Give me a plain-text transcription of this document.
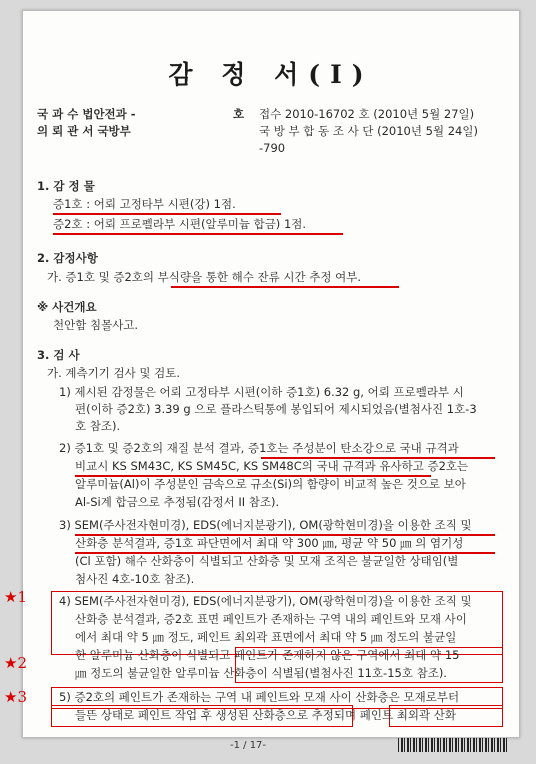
감 정 서(I)
국 과 수 법안전과 -
의 뢰 관 서 국방부
호 접수 2010-16702 호 (2010년 5월 27일)
국 방 부 합 동 조 사 단 (2010년 5월 24일)
-790
1. 감 정 물
증1호 : 어뢰 고정타부 시편(강) 1점.
증2호 : 어뢰 프로펠라부 시편(알루미늄 합금) 1점.
2. 감정사항
가. 증1호 및 증2호의 부식량을 통한 해수 잔류 시간 추정 여부.
※ 사건개요
천안함 침몰사고.
3. 검 사
가. 계측기기 검사 및 검토.
1) 제시된 감정물은 어뢰 고정타부 시편(이하 증1호) 6.32 g, 어뢰 프로펠라부 시
편(이하 증2호) 3.39 g 으로 플라스틱통에 봉입되어 제시되었음(별첨사진 1호-3
호 참조).
2) 증1호 및 증2호의 재질 분석 결과, 증1호는 주성분이 탄소강으로 국내 규격과
비교시 KS SM43C, KS SM45C, KS SM48C의 국내 규격과 유사하고 증2호는
알루미늄(Al)이 주성분인 금속으로 규소(Si)의 함량이 비교적 높은 것으로 보아
Al-Si계 합금으로 추정됨(감정서 II 참조).
3) SEM(주사전자현미경), EDS(에너지분광기), OM(광학현미경)을 이용한 조직 및
산화층 분석결과, 증1호 파단면에서 최대 약 300 ㎛, 평균 약 50 ㎛ 의 염기성
(Cl 포함) 해수 산화층이 식별되고 산화층 및 모재 조직은 불균일한 상태임(별
첨사진 4호-10호 참조).
4) SEM(주사전자현미경), EDS(에너지분광기), OM(광학현미경)을 이용한 조직 및
산화층 분석결과, 증2호 표면 페인트가 존재하는 구역 내의 페인트와 모재 사이
에서 최대 약 5 ㎛ 정도, 페인트 최외곽 표면에서 최대 약 5 ㎛ 정도의 불균일
한 알루미늄 산화층이 식별되고 페인트가 존재하지 않은 구역에서 최대 약 15
㎛ 정도의 불균일한 알루미늄 산화층이 식별됨(별첨사진 11호-15호 참조).
5) 증2호의 페인트가 존재하는 구역 내 페인트와 모재 사이 산화층은 모재로부터
들뜬 상태로 페인트 작업 후 생성된 산화층으로 추정되며 페인트 최외곽 산화
★1
★2
★3
-1 / 17-
